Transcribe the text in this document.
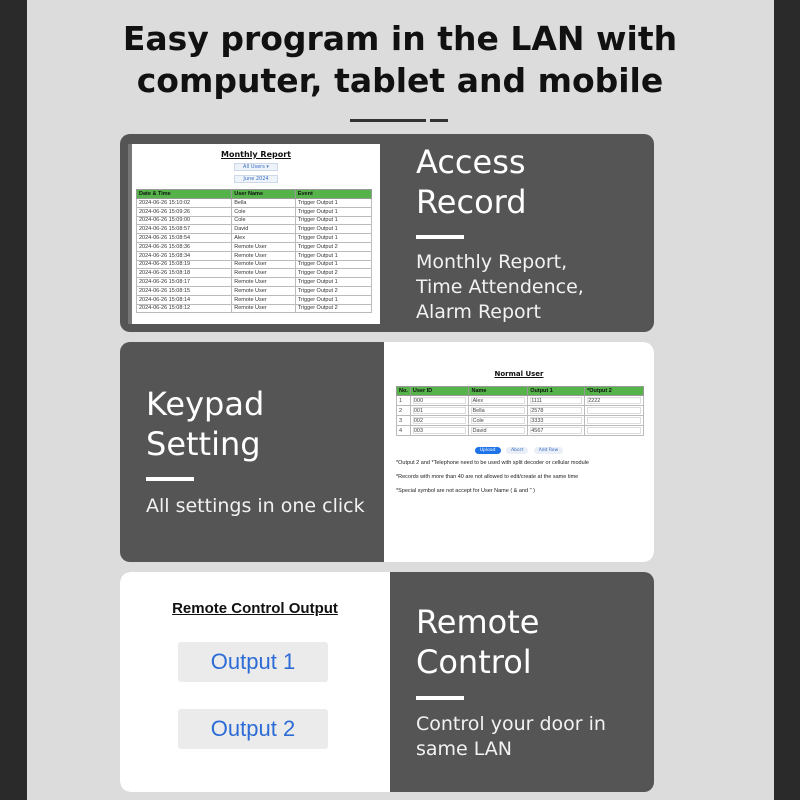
Easy program in the LAN with
computer, tablet and mobile
Monthly Report
All Users ▾
June 2024
Date & Time	User Name	Event
2024-06-26 15:10:02	Bella	Trigger Output 1
2024-06-26 15:09:26	Cole	Trigger Output 1
2024-06-26 15:09:00	Cole	Trigger Output 1
2024-06-26 15:08:57	David	Trigger Output 1
2024-06-26 15:08:54	Alex	Trigger Output 1
2024-06-26 15:08:36	Remote User	Trigger Output 2
2024-06-26 15:08:34	Remote User	Trigger Output 1
2024-06-26 15:08:19	Remote User	Trigger Output 1
2024-06-26 15:08:18	Remote User	Trigger Output 2
2024-06-26 15:08:17	Remote User	Trigger Output 1
2024-06-26 15:08:15	Remote User	Trigger Output 2
2024-06-26 15:08:14	Remote User	Trigger Output 1
2024-06-26 15:08:12	Remote User	Trigger Output 2
Access
Record
Monthly Report,
Time Attendence,
Alarm Report
Keypad
Setting
All settings in one click
Normal User
No.	User ID	Name	Output 1	*Output 2
1	000	Alex	1111	2222

2	001	Bella	2578	

3	002	Cole	3333	

4	003	David	4567	

Upload	Abort	Add Row
*Output 2 and *Telephone need to be used with split decoder or cellular module
*Records with more than 40 are not allowed to edit/create at the same time
*Special symbol are not accept for User Name ( & and " )
Remote Control Output
Output 1
Output 2
Remote
Control
Control your door in
same LAN
